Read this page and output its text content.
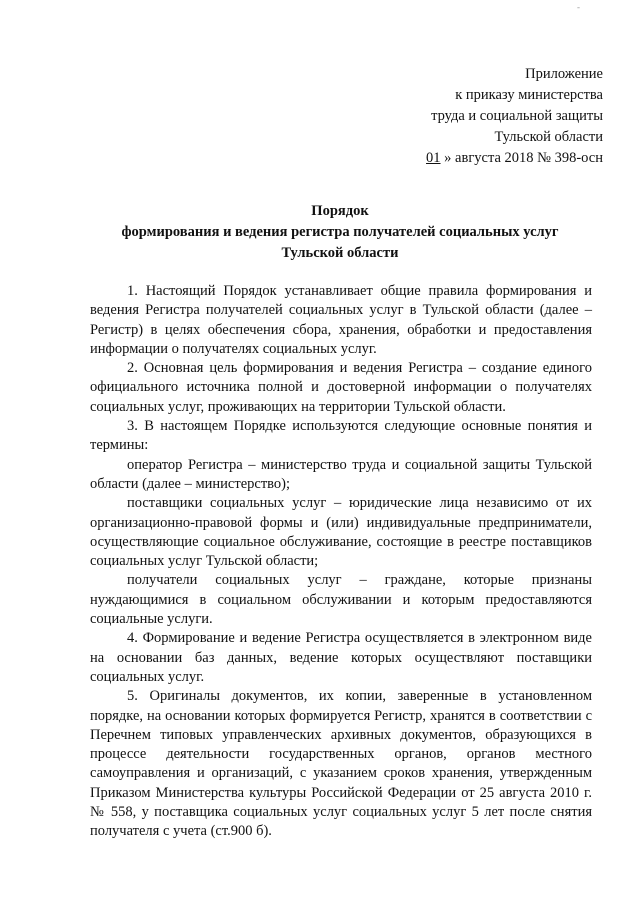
-
Приложение
к приказу министерства
труда и социальной защиты
Тульской области
01 » августа 2018 № 398-осн
Порядок
формирования и ведения регистра получателей социальных услуг
Тульской области

1. Настоящий Порядок устанавливает общие правила формирования и ведения Регистра получателей социальных услуг в Тульской области (далее – Регистр) в целях обеспечения сбора, хранения, обработки и предоставления информации о получателях социальных услуг.

2. Основная цель формирования и ведения Регистра – создание единого официального источника полной и достоверной информации о получателях социальных услуг, проживающих на территории Тульской области.

3. В настоящем Порядке используются следующие основные понятия и термины:

оператор Регистра – министерство труда и социальной защиты Тульской области (далее – министерство);

поставщики социальных услуг – юридические лица независимо от их организационно-правовой формы и (или) индивидуальные предприниматели, осуществляющие социальное обслуживание, состоящие в реестре поставщиков социальных услуг Тульской области;

получатели социальных услуг – граждане, которые признаны нуждающимися в социальном обслуживании и которым предоставляются социальные услуги.

4. Формирование и ведение Регистра осуществляется в электронном виде на основании баз данных, ведение которых осуществляют поставщики социальных услуг.

5. Оригиналы документов, их копии, заверенные в установленном порядке, на основании которых формируется Регистр, хранятся в соответствии с Перечнем типовых управленческих архивных документов, образующихся в процессе деятельности государственных органов, органов местного самоуправления и организаций, с указанием сроков хранения, утвержденным Приказом Министерства культуры Российской Федерации от 25 августа 2010 г. № 558, у поставщика социальных услуг социальных услуг 5 лет после снятия получателя с учета (ст.900 б).
